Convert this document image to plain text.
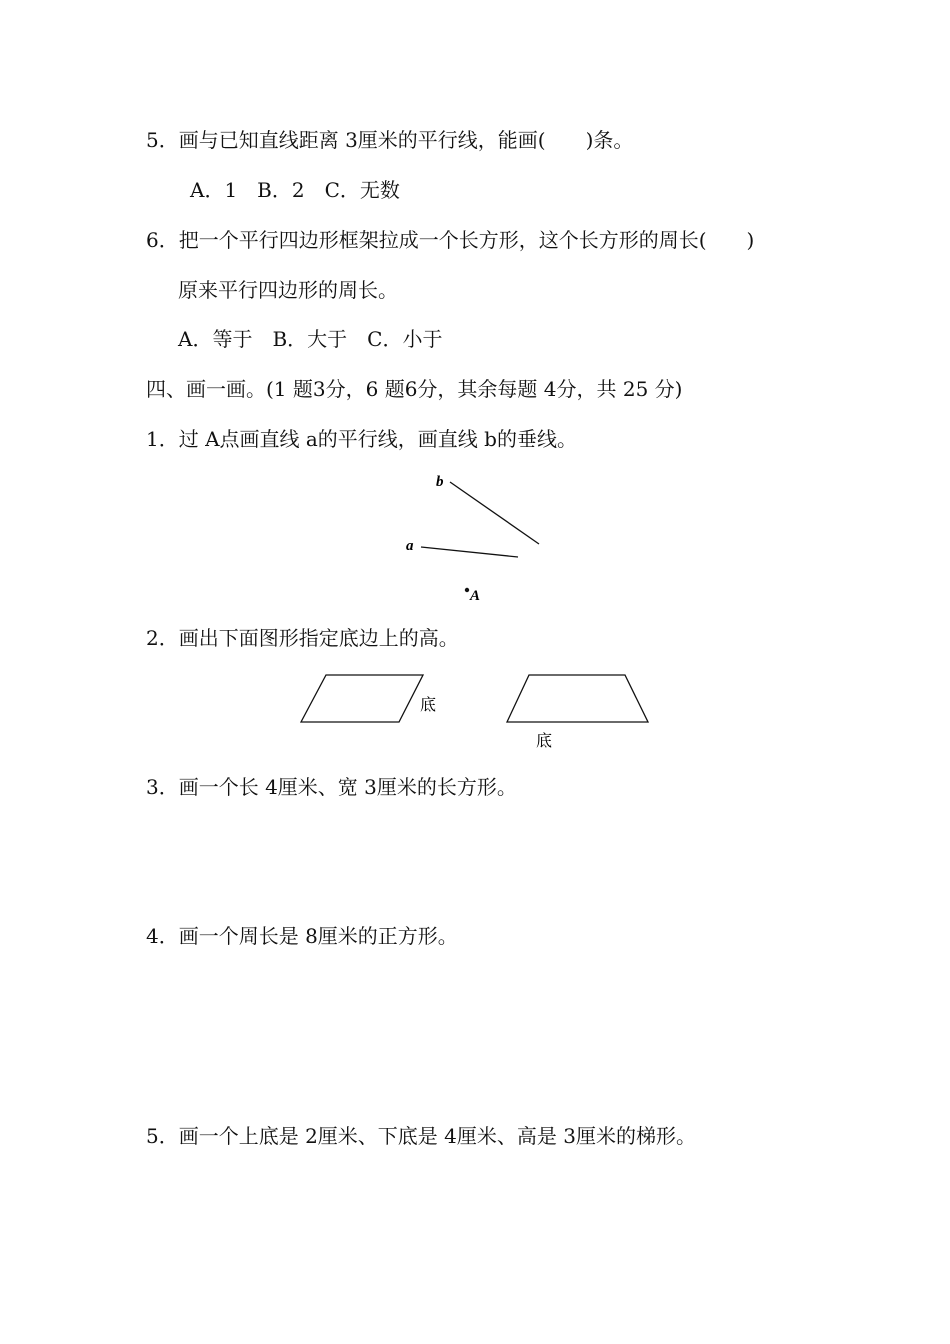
5．画与已知直线距离 3厘米的平行线，能画(　　)条。
A．1　B．2　C．无数
6．把一个平行四边形框架拉成一个长方形，这个长方形的周长(　　)
原来平行四边形的周长。
A．等于　B．大于　C．小于
四、画一画。(1 题3分，6 题6分，其余每题 4分，共 25 分)
1．过 A点画直线 a的平行线，画直线 b的垂线。
2．画出下面图形指定底边上的高。
3．画一个长 4厘米、宽 3厘米的长方形。
4．画一个周长是 8厘米的正方形。
5．画一个上底是 2厘米、下底是 4厘米、高是 3厘米的梯形。
b
a
A
底
底
